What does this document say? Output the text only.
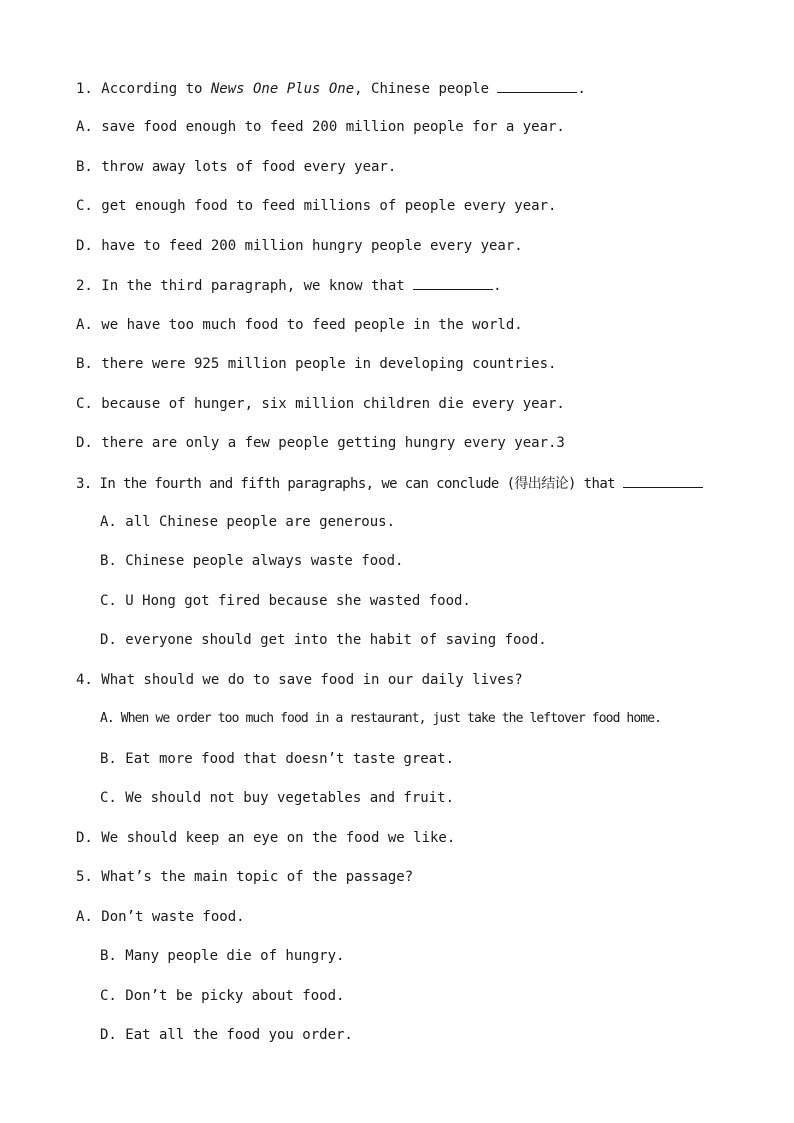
1. According to News One Plus One, Chinese people	.
A. save food enough to feed 200 million people for a year.
B. throw away lots of food every year.
C. get enough food to feed millions of people every year.
D. have to feed 200 million hungry people every year.
2. In the third paragraph, we know that	.
A. we have too much food to feed people in the world.
B. there were 925 million people in developing countries.
C. because of hunger, six million children die every year.
D. there are only a few people getting hungry every year.3
3. In the fourth and fifth paragraphs, we can conclude (得出结论) that
A. all Chinese people are generous.
B. Chinese people always waste food.
C. U Hong got fired because she wasted food.
D. everyone should get into the habit of saving food.
4. What should we do to save food in our daily lives?
A. When we order too much food in a restaurant, just take the leftover food home.
B. Eat more food that doesn’t taste great.
C. We should not buy vegetables and fruit.
D. We should keep an eye on the food we like.
5. What’s the main topic of the passage?
A. Don’t waste food.
B. Many people die of hungry.
C. Don’t be picky about food.
D. Eat all the food you order.
